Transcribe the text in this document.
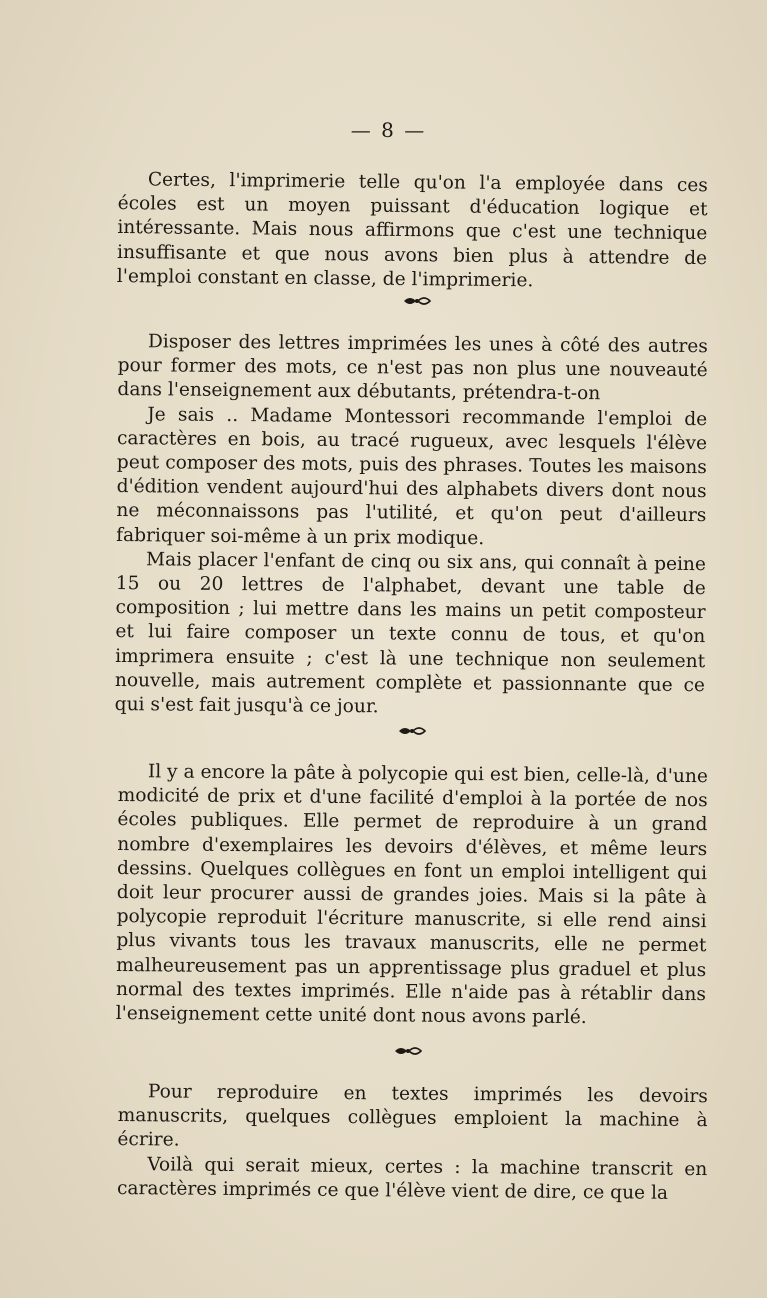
— 8 —

Certes, l'imprimerie telle qu'on l'a employée dans ces écoles est un moyen puissant d'éducation logique et intéressante. Mais nous affirmons que c'est une technique insuffisante et que nous avons bien plus à attendre de l'emploi constant en classe, de l'imprimerie.

Disposer des lettres imprimées les unes à côté des autres pour former des mots, ce n'est pas non plus une nouveauté dans l'enseignement aux débutants, prétendra-t-on

Je sais .. Madame Montessori recommande l'emploi de caractères en bois, au tracé rugueux, avec lesquels l'élève peut composer des mots, puis des phrases. Toutes les maisons d'édition vendent aujourd'hui des alphabets divers dont nous ne méconnaissons pas l'utilité, et qu'on peut d'ailleurs fabriquer soi-même à un prix modique.

Mais placer l'enfant de cinq ou six ans, qui connaît à peine 15 ou 20 lettres de l'alphabet, devant une table de composition ; lui mettre dans les mains un petit composteur et lui faire composer un texte connu de tous, et qu'on imprimera ensuite ; c'est là une technique non seulement nouvelle, mais autrement complète et passionnante que ce qui s'est fait jusqu'à ce jour.

Il y a encore la pâte à polycopie qui est bien, celle-là, d'une modicité de prix et d'une facilité d'emploi à la portée de nos écoles publiques. Elle permet de reproduire à un grand nombre d'exemplaires les devoirs d'élèves, et même leurs dessins. Quelques collègues en font un emploi intelligent qui doit leur procurer aussi de grandes joies. Mais si la pâte à polycopie reproduit l'écriture manuscrite, si elle rend ainsi plus vivants tous les travaux manuscrits, elle ne permet malheureusement pas un apprentissage plus graduel et plus normal des textes imprimés. Elle n'aide pas à rétablir dans l'enseignement cette unité dont nous avons parlé.

Pour reproduire en textes imprimés les devoirs manuscrits, quelques collègues emploient la machine à écrire.

Voilà qui serait mieux, certes : la machine transcrit en caractères imprimés ce que l'élève vient de dire, ce que la
